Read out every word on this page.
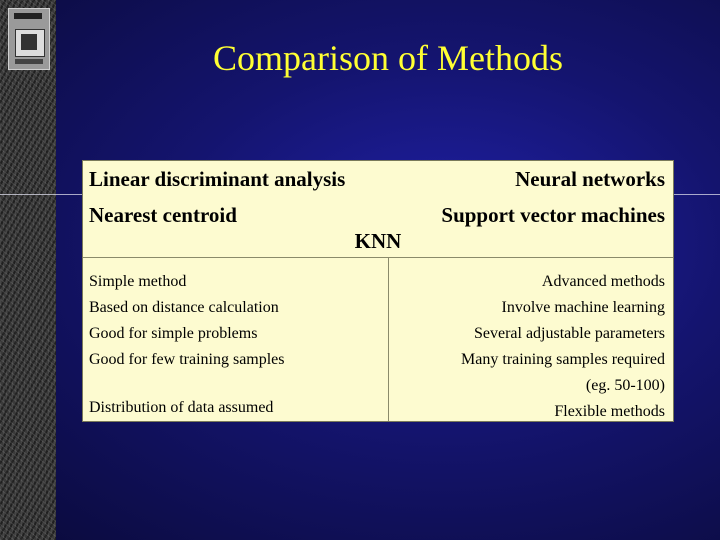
Comparison of Methods
Linear discriminant analysis
Nearest centroid
Neural networks
Support vector machines
KNN
Simple method
Based on distance calculation
Good for simple problems
Good for few training samples
Distribution of data assumed
Advanced methods
Involve machine learning
Several adjustable parameters
Many training samples required
(eg. 50-100)
Flexible methods
